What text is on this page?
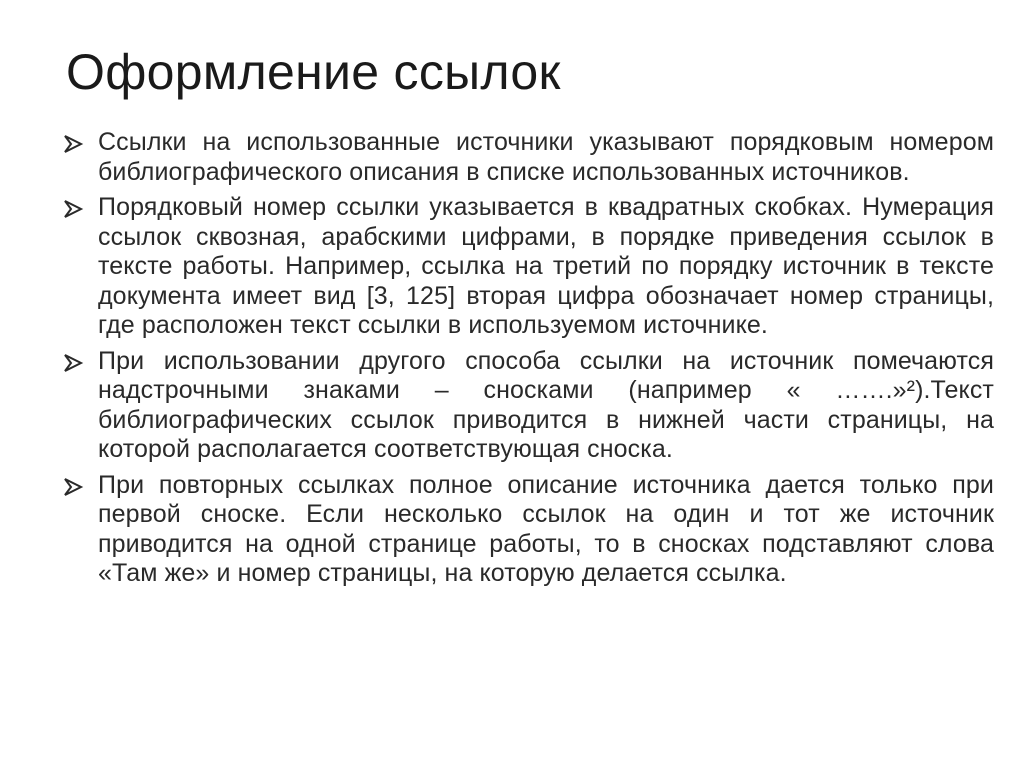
Оформление ссылок
Ссылки на использованные источники указывают порядковым номером библиографического описания в списке использованных источников.
Порядковый номер ссылки указывается в квадратных скобках. Нумерация ссылок сквозная, арабскими цифрами, в порядке приведения ссылок в тексте работы. Например, ссылка на третий по порядку источник в тексте документа имеет вид [3, 125] вторая цифра обозначает номер страницы, где расположен текст ссылки в используемом источнике.
При использовании другого способа ссылки на источник помечаются надстрочными знаками – сносками (например « …….»²).Текст библиографических ссылок приводится в нижней части страницы, на которой располагается соответствующая сноска.
При повторных ссылках полное описание источника дается только при первой сноске. Если несколько ссылок на один и тот же источник приводится на одной странице работы, то в сносках подставляют слова «Там же» и номер страницы, на которую делается ссылка.
